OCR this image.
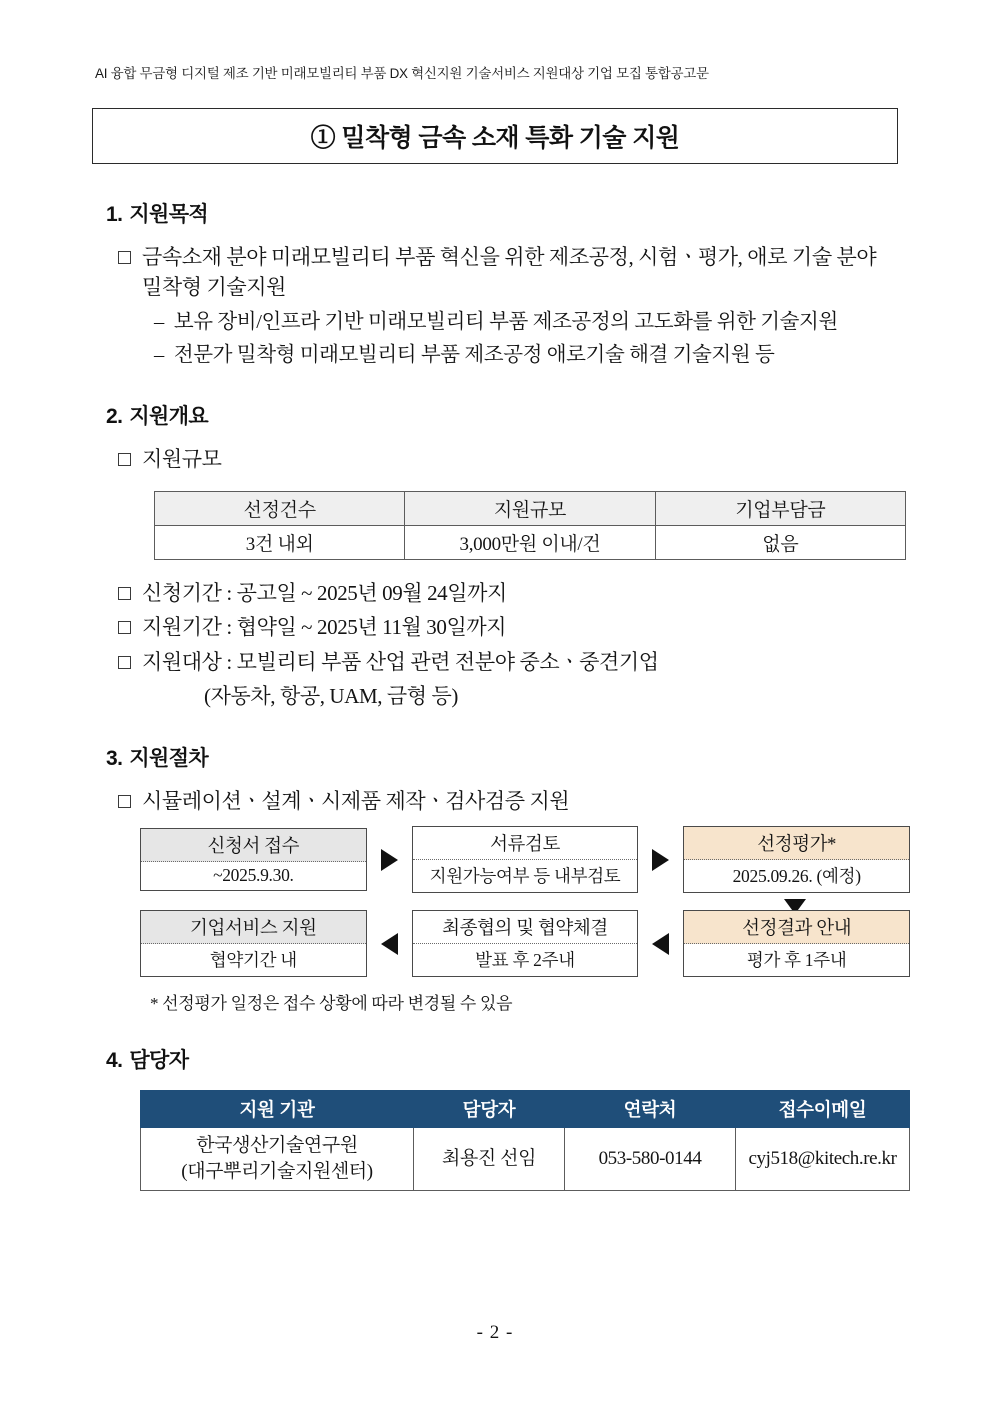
AI 융합 무금형 디지털 제조 기반 미래모빌리티 부품 DX 혁신지원 기술서비스 지원대상 기업 모집 통합공고문
① 밀착형 금속 소재 특화 기술 지원
1. 지원목적
금속소재 분야 미래모빌리티 부품 혁신을 위한 제조공정, 시험ㆍ평가, 애로 기술 분야 밀착형 기술지원
– 보유 장비/인프라 기반 미래모빌리티 부품 제조공정의 고도화를 위한 기술지원
– 전문가 밀착형 미래모빌리티 부품 제조공정 애로기술 해결 기술지원 등
2. 지원개요
지원규모
선정건수	지원규모	기업부담금
3건 내외	3,000만원 이내/건	없음
신청기간 : 공고일 ~ 2025년 09월 24일까지
지원기간 : 협약일 ~ 2025년 11월 30일까지
지원대상 : 모빌리티 부품 산업 관련 전분야 중소ㆍ중견기업
(자동차, 항공, UAM, 금형 등)
3. 지원절차
시뮬레이션ㆍ설계ㆍ시제품 제작ㆍ검사검증 지원
신청서 접수
~2025.9.30.
서류검토
지원가능여부 등 내부검토
선정평가*
2025.09.26. (예정)
기업서비스 지원
협약기간 내
최종협의 및 협약체결
발표 후 2주내
선정결과 안내
평가 후 1주내
* 선정평가 일정은 접수 상황에 따라 변경될 수 있음
4. 담당자
지원 기관	담당자	연락처	접수이메일

한국생산기술연구원
(대구뿌리기술지원센터)	최용진 선임	053-580-0144	cyj518@kitech.re.kr
- 2 -
